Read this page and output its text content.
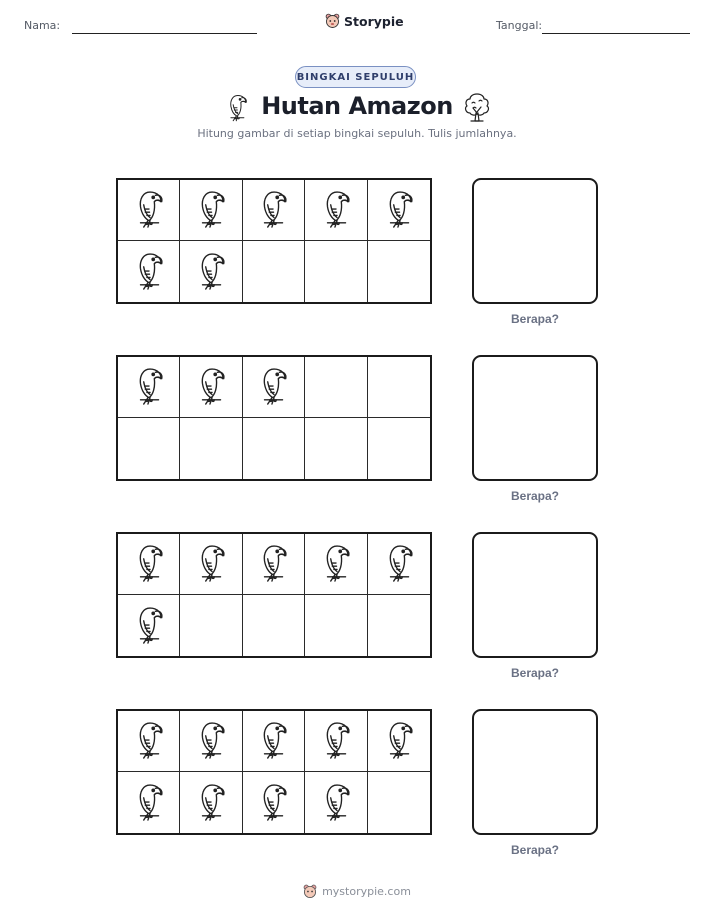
Nama:	Storypie	Tanggal:
BINGKAI SEPULUH
Hutan Amazon
Hitung gambar di setiap bingkai sepuluh. Tulis jumlahnya.
Berapa?
Berapa?
Berapa?
Berapa?
mystorypie.com
